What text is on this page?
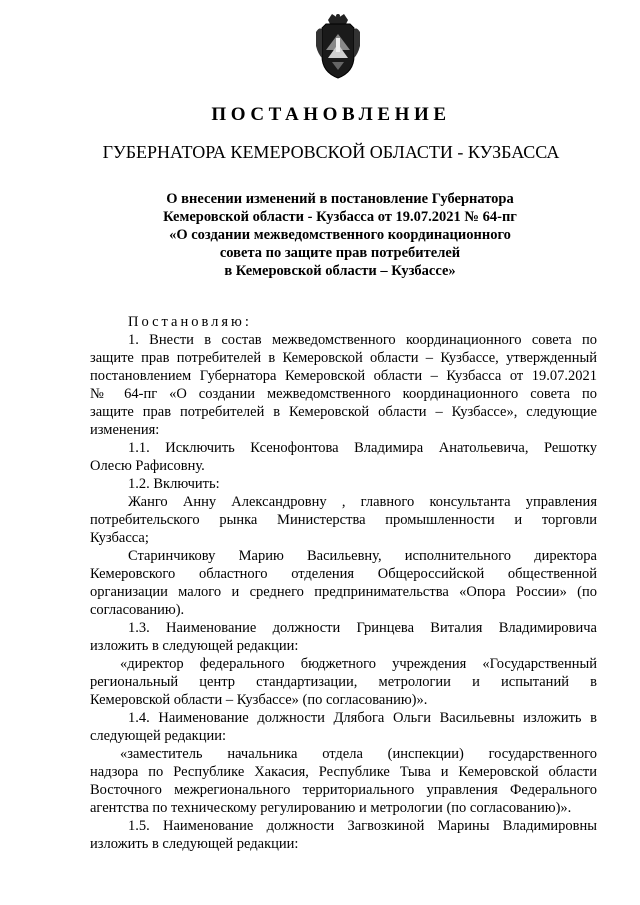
ПОСТАНОВЛЕНИЕ
ГУБЕРНАТОРА КЕМЕРОВСКОЙ ОБЛАСТИ - КУЗБАССА
О внесении изменений в постановление Губернатора
Кемеровской области - Кузбасса от 19.07.2021 № 64-пг
«О создании межведомственного координационного
совета по защите прав потребителей
в Кемеровской области – Кузбассе»
Постановляю:
1. Внести в состав межведомственного координационного совета по
защите прав потребителей в Кемеровской области – Кузбассе, утвержденный
постановлением Губернатора Кемеровской области – Кузбасса от 19.07.2021
№ 64-пг «О создании межведомственного координационного совета по
защите прав потребителей в Кемеровской области – Кузбассе», следующие
изменения:
1.1. Исключить Ксенофонтова Владимира Анатольевича, Решотку
Олесю Рафисовну.
1.2. Включить:
Жанго Анну Александровну , главного консультанта управления
потребительского рынка Министерства промышленности и торговли
Кузбасса;
Старинчикову Марию Васильевну, исполнительного директора
Кемеровского областного отделения Общероссийской общественной
организации малого и среднего предпринимательства «Опора России» (по
согласованию).
1.3. Наименование должности Гринцева Виталия Владимировича
изложить в следующей редакции:
«директор федерального бюджетного учреждения «Государственный
региональный центр стандартизации, метрологии и испытаний в
Кемеровской области – Кузбассе» (по согласованию)».
1.4. Наименование должности Длябога Ольги Васильевны изложить в
следующей редакции:
«заместитель начальника отдела (инспекции) государственного
надзора по Республике Хакасия, Республике Тыва и Кемеровской области
Восточного межрегионального территориального управления Федерального
агентства по техническому регулированию и метрологии (по согласованию)».
1.5. Наименование должности Загвозкиной Марины Владимировны
изложить в следующей редакции:
